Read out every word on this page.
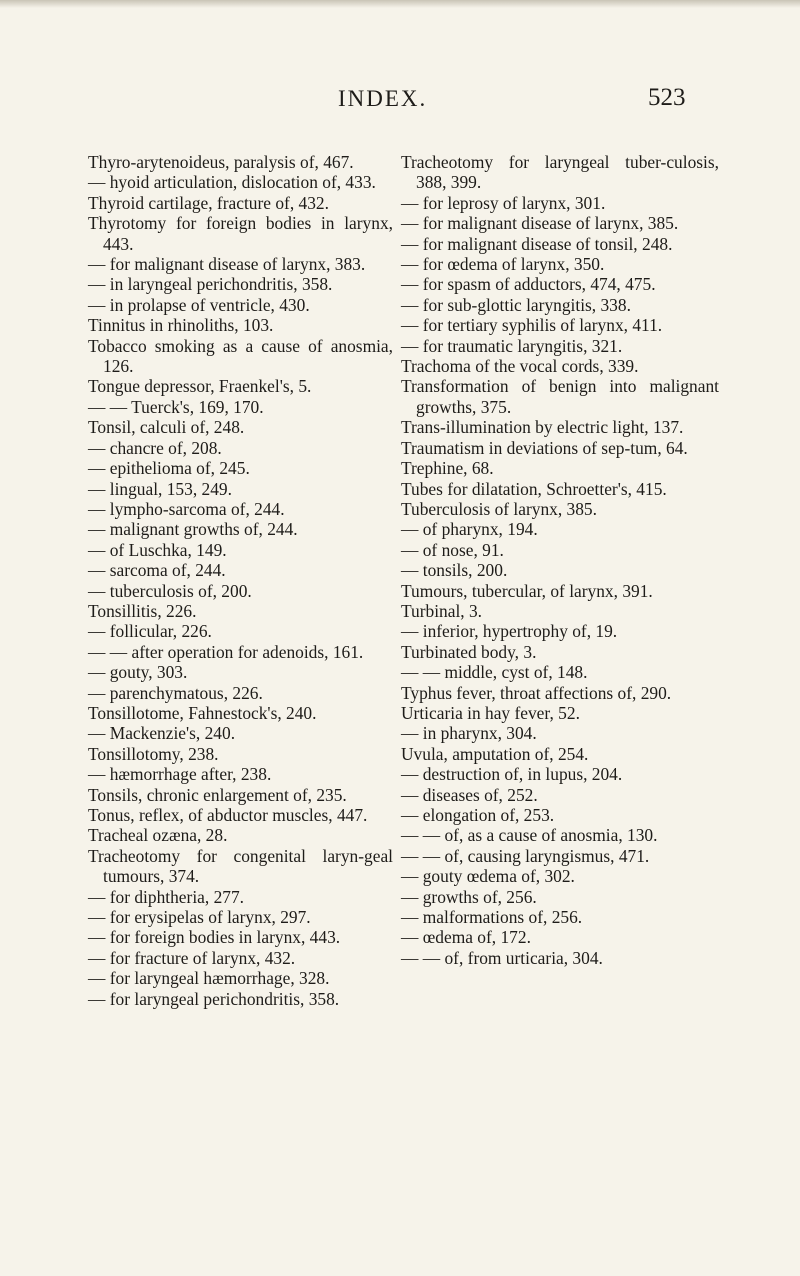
INDEX.	523

Thyro-arytenoideus, paralysis of, 467.

— hyoid articulation, dislocation of, 433.

Thyroid cartilage, fracture of, 432.

Thyrotomy for foreign bodies in larynx, 443.

— for malignant disease of larynx, 383.

— in laryngeal perichondritis, 358.

— in prolapse of ventricle, 430.

Tinnitus in rhinoliths, 103.

Tobacco smoking as a cause of anosmia, 126.

Tongue depressor, Fraenkel's, 5.

— — Tuerck's, 169, 170.

Tonsil, calculi of, 248.

— chancre of, 208.

— epithelioma of, 245.

— lingual, 153, 249.

— lympho-sarcoma of, 244.

— malignant growths of, 244.

— of Luschka, 149.

— sarcoma of, 244.

— tuberculosis of, 200.

Tonsillitis, 226.

— follicular, 226.

— — after operation for adenoids, 161.

— gouty, 303.

— parenchymatous, 226.

Tonsillotome, Fahnestock's, 240.

— Mackenzie's, 240.

Tonsillotomy, 238.

— hæmorrhage after, 238.

Tonsils, chronic enlargement of, 235.

Tonus, reflex, of abductor muscles, 447.

Tracheal ozæna, 28.

Tracheotomy for congenital laryn-geal tumours, 374.

— for diphtheria, 277.

— for erysipelas of larynx, 297.

— for foreign bodies in larynx, 443.

— for fracture of larynx, 432.

— for laryngeal hæmorrhage, 328.

— for laryngeal perichondritis, 358.

Tracheotomy for laryngeal tuber-culosis, 388, 399.

— for leprosy of larynx, 301.

— for malignant disease of larynx, 385.

— for malignant disease of tonsil, 248.

— for œdema of larynx, 350.

— for spasm of adductors, 474, 475.

— for sub-glottic laryngitis, 338.

— for tertiary syphilis of larynx, 411.

— for traumatic laryngitis, 321.

Trachoma of the vocal cords, 339.

Transformation of benign into malignant growths, 375.

Trans-illumination by electric light, 137.

Traumatism in deviations of sep-tum, 64.

Trephine, 68.

Tubes for dilatation, Schroetter's, 415.

Tuberculosis of larynx, 385.

— of pharynx, 194.

— of nose, 91.

— tonsils, 200.

Tumours, tubercular, of larynx, 391.

Turbinal, 3.

— inferior, hypertrophy of, 19.

Turbinated body, 3.

— — middle, cyst of, 148.

Typhus fever, throat affections of, 290.

Urticaria in hay fever, 52.

— in pharynx, 304.

Uvula, amputation of, 254.

— destruction of, in lupus, 204.

— diseases of, 252.

— elongation of, 253.

— — of, as a cause of anosmia, 130.

— — of, causing laryngismus, 471.

— gouty œdema of, 302.

— growths of, 256.

— malformations of, 256.

— œdema of, 172.

— — of, from urticaria, 304.
